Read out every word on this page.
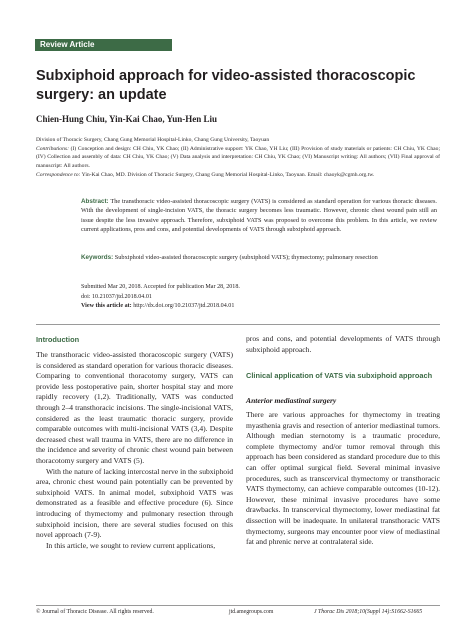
Review Article
Subxiphoid approach for video-assisted thoracoscopic surgery: an update
Chien-Hung Chiu, Yin-Kai Chao, Yun-Hen Liu
Division of Thoracic Surgery, Chang Gung Memorial Hospital-Linko, Chang Gung University, Taoyuan
Contributions: (I) Conception and design: CH Chiu, YK Chao; (II) Administrative support: YK Chao, YH Liu; (III) Provision of study materials or patients: CH Chiu, YK Chao; (IV) Collection and assembly of data: CH Chiu, YK Chao; (V) Data analysis and interpretation: CH Chiu, YK Chao; (VI) Manuscript writing: All authors; (VII) Final approval of manuscript: All authors.
Correspondence to: Yin-Kai Chao, MD. Division of Thoracic Surgery, Chang Gung Memorial Hospital-Linko, Taoyuan. Email: chaoyk@cgmh.org.tw.
Abstract: The transthoracic video-assisted thoracoscopic surgery (VATS) is considered as standard operation for various thoracic diseases. With the development of single-incision VATS, the thoracic surgery becomes less traumatic. However, chronic chest wound pain still an issue despite the less invasive approach. Therefore, subxiphoid VATS was proposed to overcome this problem. In this article, we review current applications, pros and cons, and potential developments of VATS through subxiphoid approach.
Keywords: Subxiphoid video-assisted thoracoscopic surgery (subxiphoid VATS); thymectomy; pulmonary resection
Submitted Mar 20, 2018. Accepted for publication Mar 28, 2018.
doi: 10.21037/jtd.2018.04.01
View this article at: http://dx.doi.org/10.21037/jtd.2018.04.01
Introduction

The transthoracic video-assisted thoracoscopic surgery (VATS) is considered as standard operation for various thoracic diseases. Comparing to conventional thoracotomy surgery, VATS can provide less postoperative pain, shorter hospital stay and more rapidly recovery (1,2). Traditionally, VATS was conducted through 2–4 transthoracic incisions. The single-incisional VATS, considered as the least traumatic thoracic surgery, provide comparable outcomes with multi-incisional VATS (3,4). Despite decreased chest wall trauma in VATS, there are no difference in the incidence and severity of chronic chest wound pain between thoracotomy surgery and VATS (5).

With the nature of lacking intercostal nerve in the subxiphoid area, chronic chest wound pain potentially can be prevented by subxiphoid VATS. In animal model, subxiphoid VATS was demonstrated as a feasible and effective procedure (6). Since introducing of thymectomy and pulmonary resection through subxiphoid incision, there are several studies focused on this novel approach (7-9).

In this article, we sought to review current applications,

pros and cons, and potential developments of VATS through subxiphoid approach.

Clinical application of VATS via subxiphoid approach
Anterior mediastinal surgery

There are various approaches for thymectomy in treating myasthenia gravis and resection of anterior mediastinal tumors. Although median sternotomy is a traumatic procedure, complete thymectomy and/or tumor removal through this approach has been considered as standard procedure due to this can offer optimal surgical field. Several minimal invasive procedures, such as transcervical thymectomy or transthoracic VATS thymectomy, can achieve comparable outcomes (10-12). However, these minimal invasive procedures have some drawbacks. In transcervical thymectomy, lower mediastinal fat dissection will be inadequate. In unilateral transthoracic VATS thymectomy, surgeons may encounter poor view of mediastinal fat and phrenic nerve at contralateral side.

© Journal of Thoracic Disease. All rights reserved.	jtd.amegroups.com	J Thorac Dis 2018;10(Suppl 14):S1662-S1665
